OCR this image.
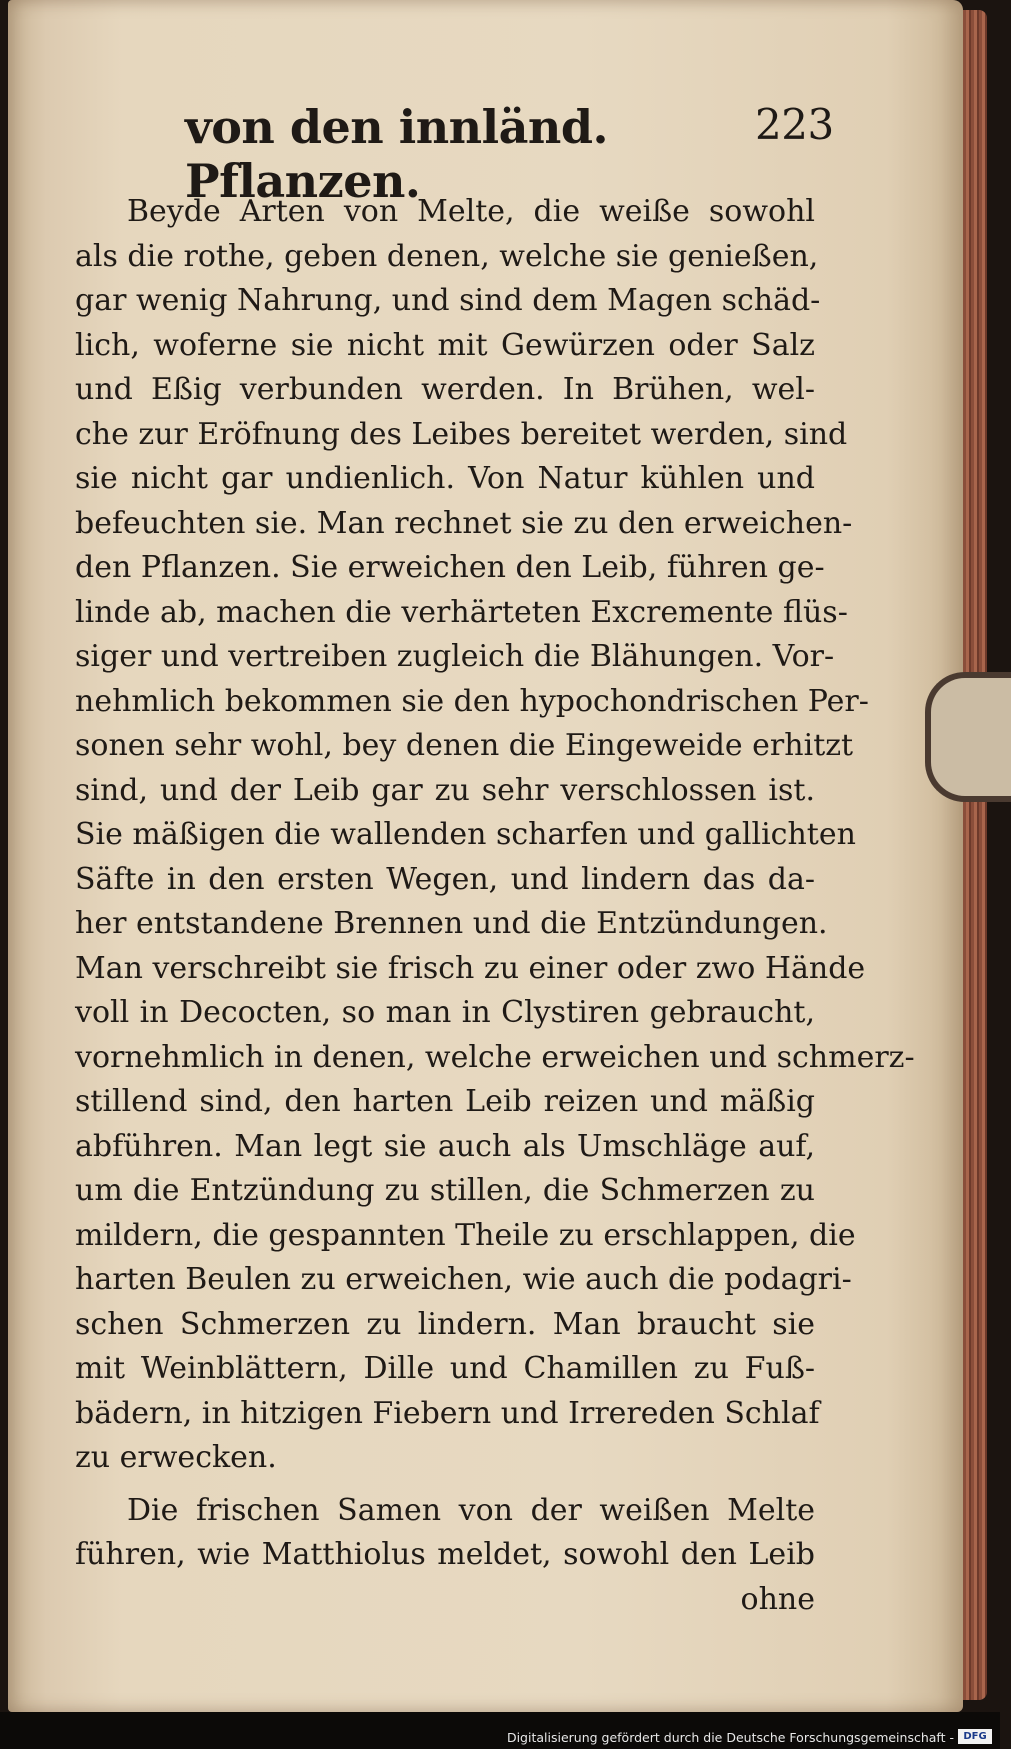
von den innländ. Pflanzen.
223
Beyde Arten von Melte, die weiße sowohl
als die rothe, geben denen, welche sie genießen,
gar wenig Nahrung, und sind dem Magen schäd-
lich, woferne sie nicht mit Gewürzen oder Salz
und Eßig verbunden werden. In Brühen, wel-
che zur Eröfnung des Leibes bereitet werden, sind
sie nicht gar undienlich. Von Natur kühlen und
befeuchten sie. Man rechnet sie zu den erweichen-
den Pflanzen. Sie erweichen den Leib, führen ge-
linde ab, machen die verhärteten Excremente flüs-
siger und vertreiben zugleich die Blähungen. Vor-
nehmlich bekommen sie den hypochondrischen Per-
sonen sehr wohl, bey denen die Eingeweide erhitzt
sind, und der Leib gar zu sehr verschlossen ist.
Sie mäßigen die wallenden scharfen und gallichten
Säfte in den ersten Wegen, und lindern das da-
her entstandene Brennen und die Entzündungen.
Man verschreibt sie frisch zu einer oder zwo Hände
voll in Decocten, so man in Clystiren gebraucht,
vornehmlich in denen, welche erweichen und schmerz-
stillend sind, den harten Leib reizen und mäßig
abführen. Man legt sie auch als Umschläge auf,
um die Entzündung zu stillen, die Schmerzen zu
mildern, die gespannten Theile zu erschlappen, die
harten Beulen zu erweichen, wie auch die podagri-
schen Schmerzen zu lindern. Man braucht sie
mit Weinblättern, Dille und Chamillen zu Fuß-
bädern, in hitzigen Fiebern und Irrereden Schlaf
zu erwecken.
Die frischen Samen von der weißen Melte
führen, wie Matthiolus meldet, sowohl den Leib
ohne
Digitalisierung gefördert durch die Deutsche Forschungsgemeinschaft - DFG
